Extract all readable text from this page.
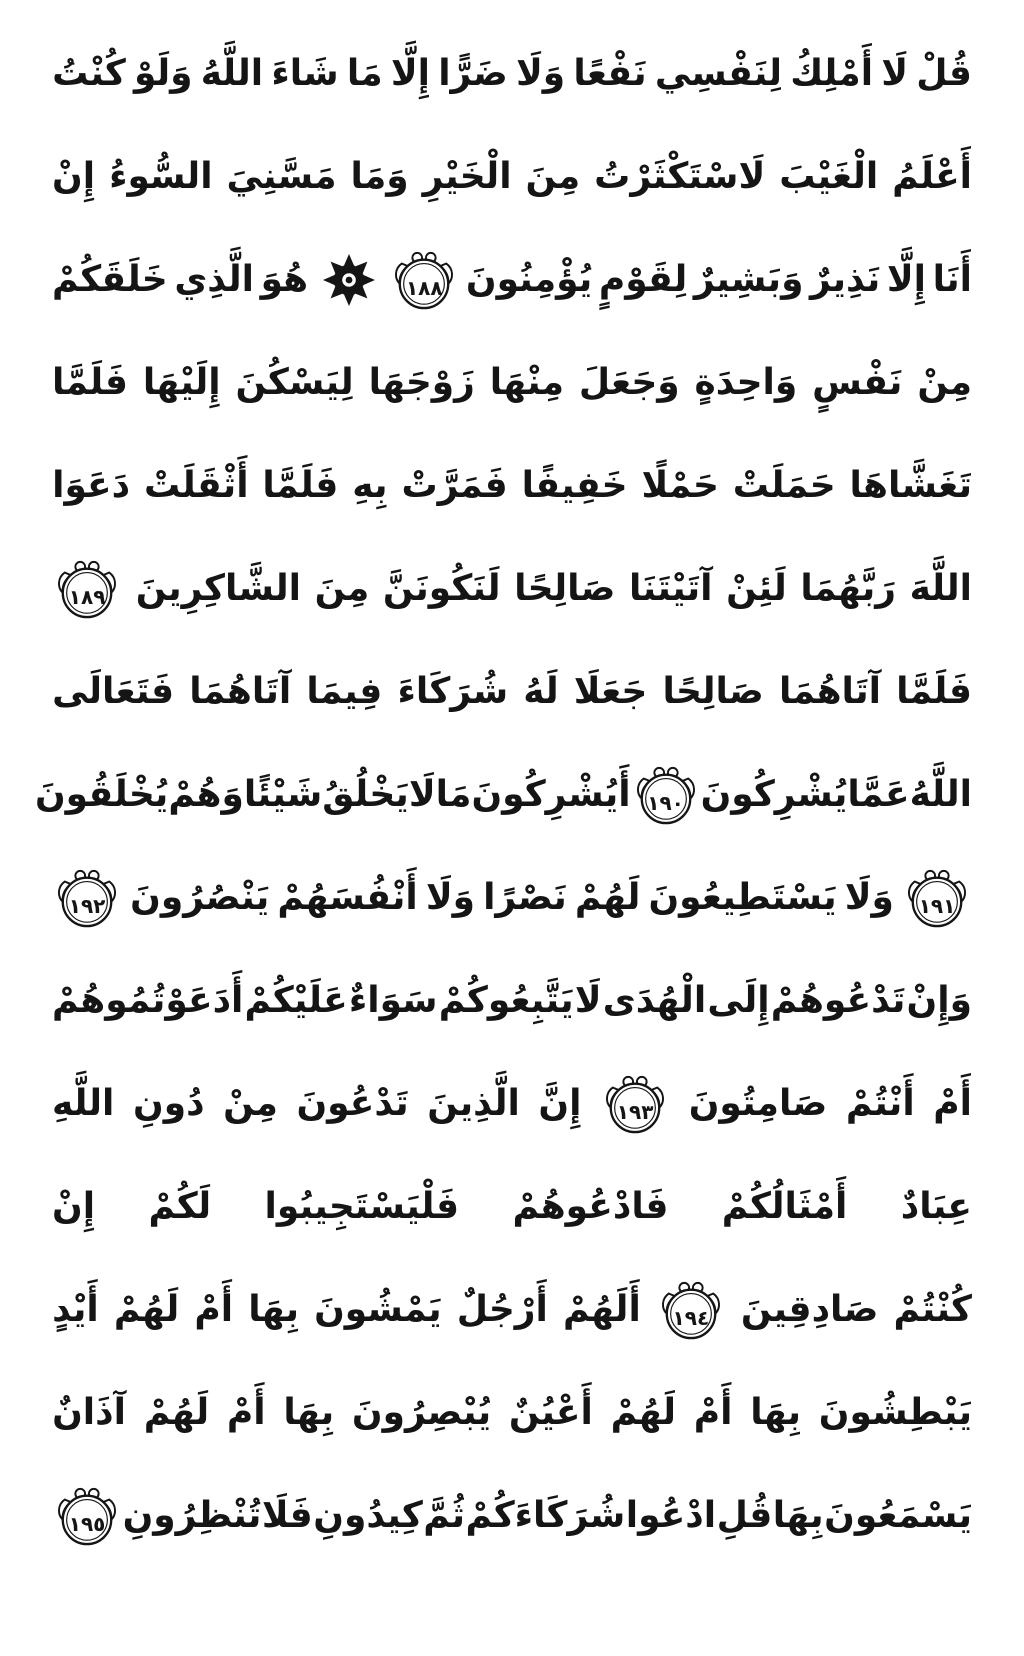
قُلْ
لَا
أَمْلِكُ
لِنَفْسِي
نَفْعًا
وَلَا
ضَرًّا
إِلَّا
مَا
شَاءَ
اللَّهُ
وَلَوْ
كُنْتُ
أَعْلَمُ
الْغَيْبَ
لَاسْتَكْثَرْتُ
مِنَ
الْخَيْرِ
وَمَا
مَسَّنِيَ
السُّوءُ
إِنْ
أَنَا
إِلَّا
نَذِيرٌ
وَبَشِيرٌ
لِقَوْمٍ
يُؤْمِنُونَ
١٨٨
هُوَ
الَّذِي
خَلَقَكُمْ
مِنْ
نَفْسٍ
وَاحِدَةٍ
وَجَعَلَ
مِنْهَا
زَوْجَهَا
لِيَسْكُنَ
إِلَيْهَا
فَلَمَّا
تَغَشَّاهَا
حَمَلَتْ
حَمْلًا
خَفِيفًا
فَمَرَّتْ
بِهِ
فَلَمَّا
أَثْقَلَتْ
دَعَوَا
اللَّهَ
رَبَّهُمَا
لَئِنْ
آتَيْتَنَا
صَالِحًا
لَنَكُونَنَّ
مِنَ
الشَّاكِرِينَ
١٨٩
فَلَمَّا
آتَاهُمَا
صَالِحًا
جَعَلَا
لَهُ
شُرَكَاءَ
فِيمَا
آتَاهُمَا
فَتَعَالَى
اللَّهُ
عَمَّا
يُشْرِكُونَ
١٩٠
أَيُشْرِكُونَ
مَا
لَا
يَخْلُقُ
شَيْئًا
وَهُمْ
يُخْلَقُونَ
١٩١
وَلَا
يَسْتَطِيعُونَ
لَهُمْ
نَصْرًا
وَلَا
أَنْفُسَهُمْ
يَنْصُرُونَ
١٩٢
وَإِنْ
تَدْعُوهُمْ
إِلَى
الْهُدَى
لَا
يَتَّبِعُوكُمْ
سَوَاءٌ
عَلَيْكُمْ
أَدَعَوْتُمُوهُمْ
أَمْ
أَنْتُمْ
صَامِتُونَ
١٩٣
إِنَّ
الَّذِينَ
تَدْعُونَ
مِنْ
دُونِ
اللَّهِ
عِبَادٌ
أَمْثَالُكُمْ
فَادْعُوهُمْ
فَلْيَسْتَجِيبُوا
لَكُمْ
إِنْ
كُنْتُمْ
صَادِقِينَ
١٩٤
أَلَهُمْ
أَرْجُلٌ
يَمْشُونَ
بِهَا
أَمْ
لَهُمْ
أَيْدٍ
يَبْطِشُونَ
بِهَا
أَمْ
لَهُمْ
أَعْيُنٌ
يُبْصِرُونَ
بِهَا
أَمْ
لَهُمْ
آذَانٌ
يَسْمَعُونَ
بِهَا
قُلِ
ادْعُوا
شُرَكَاءَكُمْ
ثُمَّ
كِيدُونِ
فَلَا
تُنْظِرُونِ
١٩٥
